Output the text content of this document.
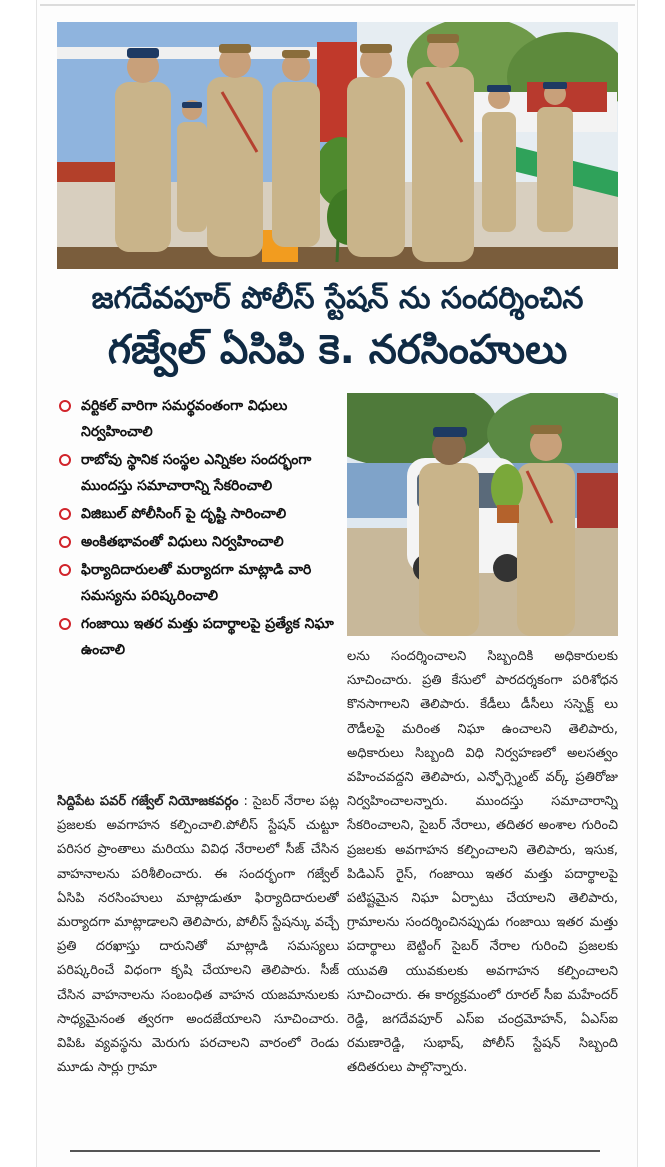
జగదేవపూర్ పోలీస్ స్టేషన్ ను సందర్శించిన
గజ్వేల్ ఏసిపి కె. నరసింహులు
వర్టికల్ వారిగా సమర్థవంతంగా విధులు నిర్వహించాలి
రాబోవు స్థానిక సంస్థల ఎన్నికల సందర్భంగా ముందస్తు సమాచారాన్ని సేకరించాలి
విజిబుల్ పోలీసింగ్ పై దృష్టి సారించాలి
అంకితభావంతో విధులు నిర్వహించాలి
ఫిర్యాదిదారులతో మర్యాదగా మాట్లాడి వారి సమస్యను పరిష్కరించాలి
గంజాయి ఇతర మత్తు పదార్థాలపై ప్రత్యేక నిఘా ఉంచాలి
సిద్దిపేట పవర్ గజ్వేల్ నియోజకవర్గం : సైబర్ నేరాల పట్ల ప్రజలకు అవగాహన కల్పించాలి.పోలీస్ స్టేషన్ చుట్టూ పరిసర ప్రాంతాలు మరియు వివిధ నేరాలలో సీజ్ చేసిన వాహనాలను పరిశీలించారు. ఈ సందర్భంగా గజ్వేల్ ఏసిపి నరసింహులు మాట్లాడుతూ ఫిర్యాదిదారులతో మర్యాదగా మాట్లాడాలని తెలిపారు, పోలీస్ స్టేషన్కు వచ్చే ప్రతి దరఖాస్తు దారునితో మాట్లాడి సమస్యలు పరిష్కరించే విధంగా కృషి చేయాలని తెలిపారు. సీజ్ చేసిన వాహనాలను సంబంధిత వాహన యజమానులకు సాధ్యమైనంత త్వరగా అందజేయాలని సూచించారు. విపిఓ వ్యవస్థను మెరుగు పరచాలని వారంలో రెండు మూడు సార్లు గ్రామా
లను సందర్శించాలని సిబ్బందికి అధికారులకు సూచించారు. ప్రతి కేసులో పారదర్శకంగా పరిశోధన కొనసాగాలని తెలిపారు. కేడీలు డీసీలు సస్పెక్ట్ లు రౌడీలపై మరింత నిఘా ఉంచాలని తెలిపారు, అధికారులు సిబ్బంది విధి నిర్వహణలో అలసత్వం వహించవద్దని తెలిపారు, ఎన్ఫోర్స్మెంట్ వర్క్ ప్రతిరోజు నిర్వహించాలన్నారు. ముందస్తు సమాచారాన్ని సేకరించాలని, సైబర్ నేరాలు, తదితర అంశాల గురించి ప్రజలకు అవగాహన కల్పించాలని తెలిపారు, ఇసుక, పిడిఎస్ రైస్, గంజాయి ఇతర మత్తు పదార్థాలపై పటిష్టమైన నిఘా ఏర్పాటు చేయాలని తెలిపారు, గ్రామాలను సందర్శించినప్పుడు గంజాయి ఇతర మత్తు పదార్థాలు బెట్టింగ్ సైబర్ నేరాల గురించి ప్రజలకు యువతి యువకులకు అవగాహన కల్పించాలని సూచించారు. ఈ కార్యక్రమంలో రూరల్ సీఐ మహేందర్ రెడ్డి, జగదేవపూర్ ఎస్ఐ చంద్రమోహన్, ఏఎస్ఐ రమణారెడ్డి, సుభాష్, పోలీస్ స్టేషన్ సిబ్బంది తదితరులు పాల్గొన్నారు.
